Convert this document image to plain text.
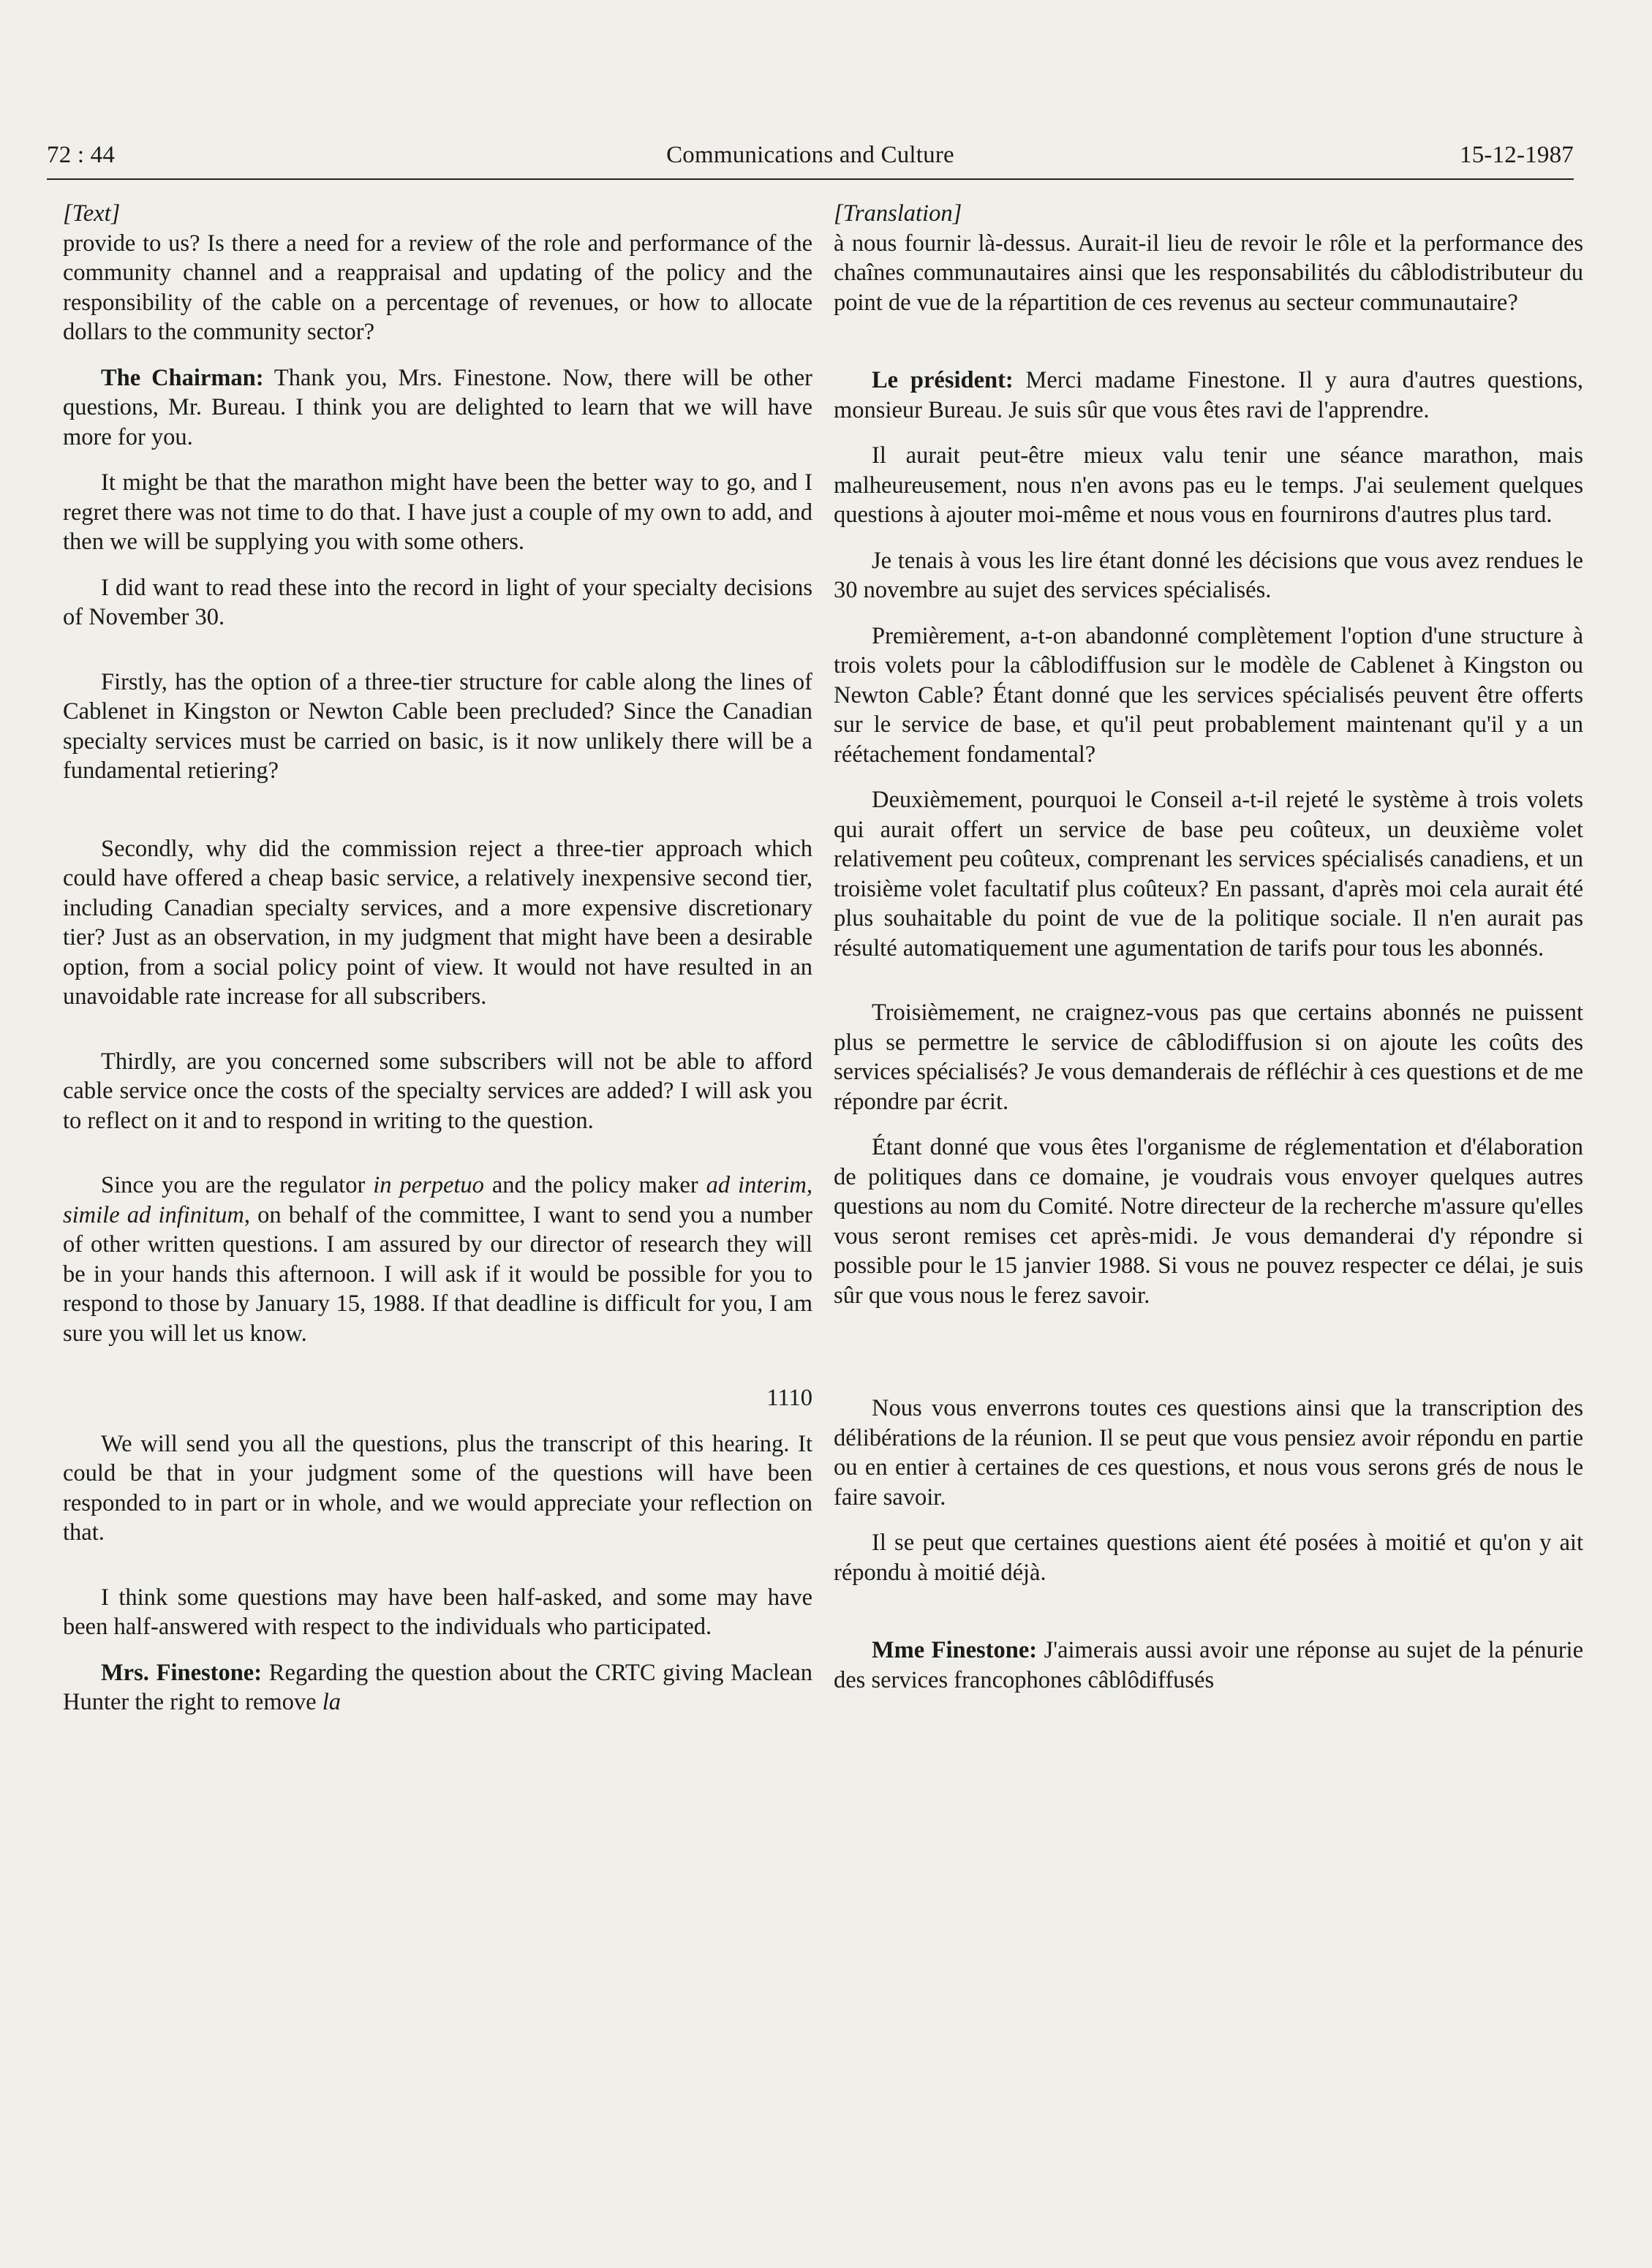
72 : 44	Communications and Culture	15-12-1987

[Text]

provide to us? Is there a need for a review of the role and performance of the community channel and a reappraisal and updating of the policy and the responsibility of the cable on a percentage of revenues, or how to allocate dollars to the community sector?

The Chairman: Thank you, Mrs. Finestone. Now, there will be other questions, Mr. Bureau. I think you are delighted to learn that we will have more for you.

It might be that the marathon might have been the better way to go, and I regret there was not time to do that. I have just a couple of my own to add, and then we will be supplying you with some others.

I did want to read these into the record in light of your specialty decisions of November 30.

Firstly, has the option of a three-tier structure for cable along the lines of Cablenet in Kingston or Newton Cable been precluded? Since the Canadian specialty services must be carried on basic, is it now unlikely there will be a fundamental retiering?

Secondly, why did the commission reject a three-tier approach which could have offered a cheap basic service, a relatively inexpensive second tier, including Canadian specialty services, and a more expensive discretionary tier? Just as an observation, in my judgment that might have been a desirable option, from a social policy point of view. It would not have resulted in an unavoidable rate increase for all subscribers.

Thirdly, are you concerned some subscribers will not be able to afford cable service once the costs of the specialty services are added? I will ask you to reflect on it and to respond in writing to the question.

Since you are the regulator in perpetuo and the policy maker ad interim, simile ad infinitum, on behalf of the committee, I want to send you a number of other written questions. I am assured by our director of research they will be in your hands this afternoon. I will ask if it would be possible for you to respond to those by January 15, 1988. If that deadline is difficult for you, I am sure you will let us know.

1110

We will send you all the questions, plus the transcript of this hearing. It could be that in your judgment some of the questions will have been responded to in part or in whole, and we would appreciate your reflection on that.

I think some questions may have been half-asked, and some may have been half-answered with respect to the individuals who participated.

Mrs. Finestone: Regarding the question about the CRTC giving Maclean Hunter the right to remove la

[Translation]

à nous fournir là-dessus. Aurait-il lieu de revoir le rôle et la performance des chaînes communautaires ainsi que les responsabilités du câblodistributeur du point de vue de la répartition de ces revenus au secteur communautaire?

Le président: Merci madame Finestone. Il y aura d'autres questions, monsieur Bureau. Je suis sûr que vous êtes ravi de l'apprendre.

Il aurait peut-être mieux valu tenir une séance marathon, mais malheureusement, nous n'en avons pas eu le temps. J'ai seulement quelques questions à ajouter moi-même et nous vous en fournirons d'autres plus tard.

Je tenais à vous les lire étant donné les décisions que vous avez rendues le 30 novembre au sujet des services spécialisés.

Premièrement, a-t-on abandonné complètement l'option d'une structure à trois volets pour la câblodiffusion sur le modèle de Cablenet à Kingston ou Newton Cable? Étant donné que les services spécialisés peuvent être offerts sur le service de base, et qu'il peut probablement maintenant qu'il y a un réétachement fondamental?

Deuxièmement, pourquoi le Conseil a-t-il rejeté le système à trois volets qui aurait offert un service de base peu coûteux, un deuxième volet relativement peu coûteux, comprenant les services spécialisés canadiens, et un troisième volet facultatif plus coûteux? En passant, d'après moi cela aurait été plus souhaitable du point de vue de la politique sociale. Il n'en aurait pas résulté automatiquement une agumentation de tarifs pour tous les abonnés.

Troisièmement, ne craignez-vous pas que certains abonnés ne puissent plus se permettre le service de câblodiffusion si on ajoute les coûts des services spécialisés? Je vous demanderais de réfléchir à ces questions et de me répondre par écrit.

Étant donné que vous êtes l'organisme de réglementation et d'élaboration de politiques dans ce domaine, je voudrais vous envoyer quelques autres questions au nom du Comité. Notre directeur de la recherche m'assure qu'elles vous seront remises cet après-midi. Je vous demanderai d'y répondre si possible pour le 15 janvier 1988. Si vous ne pouvez respecter ce délai, je suis sûr que vous nous le ferez savoir.

Nous vous enverrons toutes ces questions ainsi que la transcription des délibérations de la réunion. Il se peut que vous pensiez avoir répondu en partie ou en entier à certaines de ces questions, et nous vous serons grés de nous le faire savoir.

Il se peut que certaines questions aient été posées à moitié et qu'on y ait répondu à moitié déjà.

Mme Finestone: J'aimerais aussi avoir une réponse au sujet de la pénurie des services francophones câblôdiffusés
